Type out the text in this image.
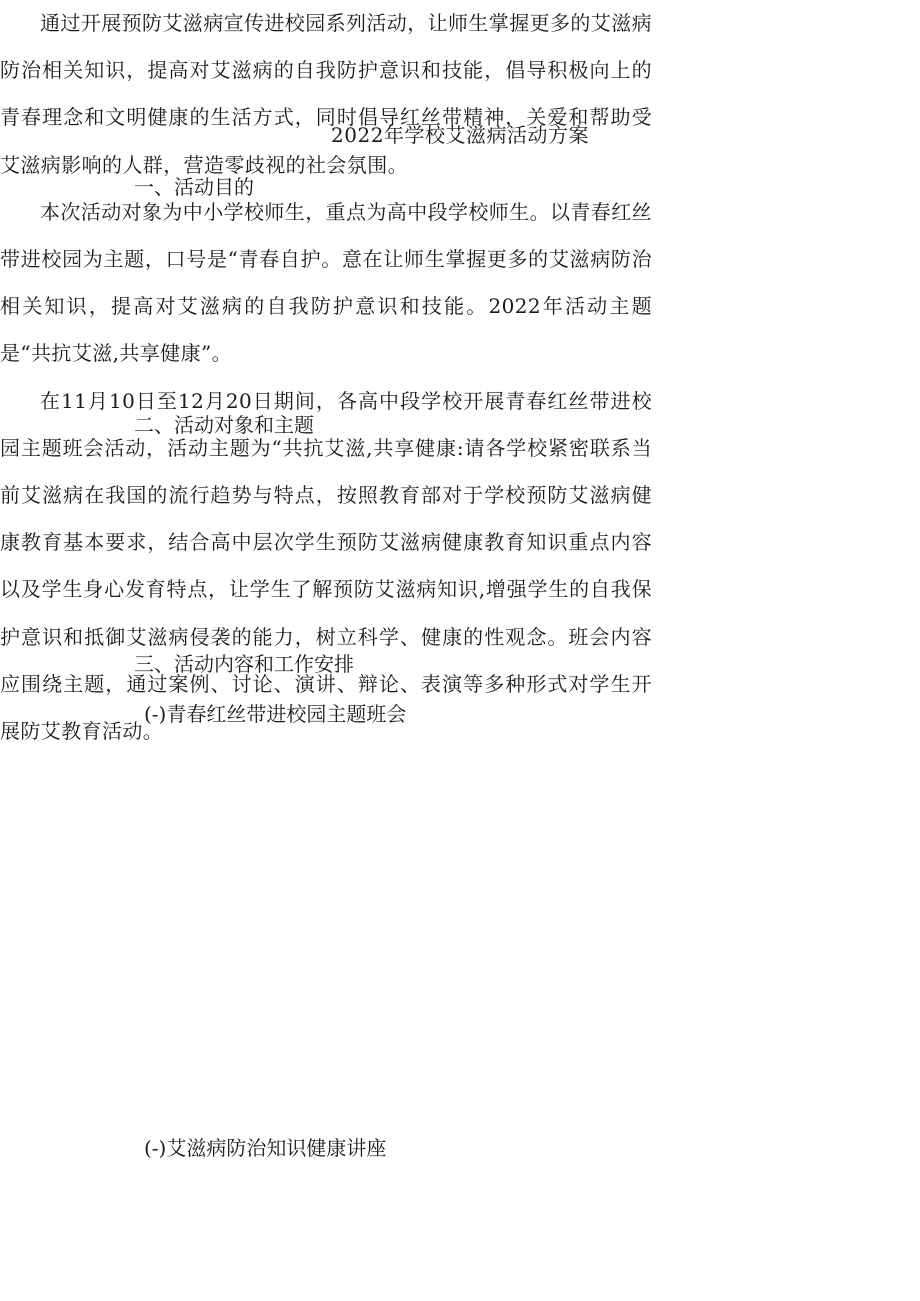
2022年学校艾滋病活动方案
一、活动目的

通过开展预防艾滋病宣传进校园系列活动，让师生掌握更多的艾滋病防治相关知识，提高对艾滋病的自我防护意识和技能，倡导积极向上的青春理念和文明健康的生活方式，同时倡导红丝带精神，关爱和帮助受艾滋病影响的人群，营造零歧视的社会氛围。

二、活动对象和主题

本次活动对象为中小学校师生，重点为高中段学校师生。以青春红丝带进校园为主题，口号是“青春自护。意在让师生掌握更多的艾滋病防治相关知识，提高对艾滋病的自我防护意识和技能。2022年活动主题是“共抗艾滋,共享健康”。

三、活动内容和工作安排
(-)青春红丝带进校园主题班会

在11月10日至12月20日期间，各高中段学校开展青春红丝带进校园主题班会活动，活动主题为“共抗艾滋,共享健康:请各学校紧密联系当前艾滋病在我国的流行趋势与特点，按照教育部对于学校预防艾滋病健康教育基本要求，结合高中层次学生预防艾滋病健康教育知识重点内容以及学生身心发育特点，让学生了解预防艾滋病知识,增强学生的自我保护意识和抵御艾滋病侵袭的能力，树立科学、健康的性观念。班会内容应围绕主题，通过案例、讨论、演讲、辩论、表演等多种形式对学生开展防艾教育活动。

(-)艾滋病防治知识健康讲座
